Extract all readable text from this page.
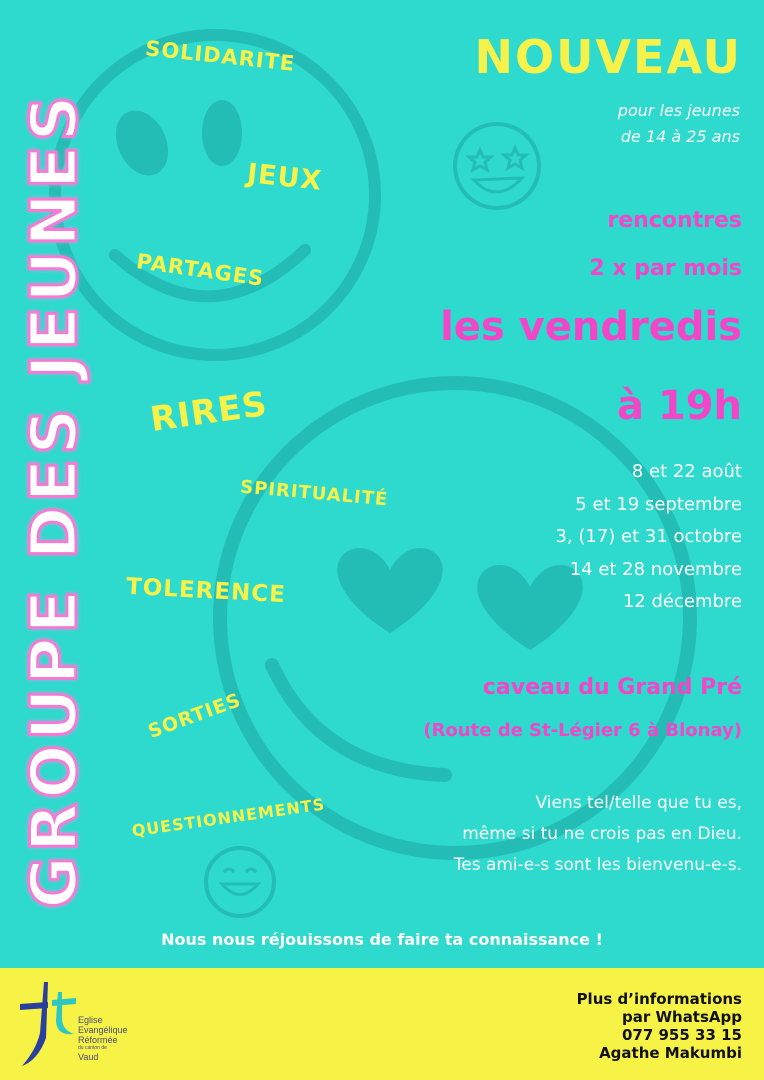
GROUPE DES JEUNES
SOLIDARITE
JEUX
PARTAGES
RIRES
SPIRITUALITÉ
TOLERENCE
SORTIES
QUESTIONNEMENTS
NOUVEAU
pour les jeunes
de 14 à 25 ans
rencontres
2 x par mois
les vendredis
à 19h
8 et 22 août
5 et 19 septembre
3, (17) et 31 octobre
14 et 28 novembre
12 décembre
caveau du Grand Pré
(Route de St-Légier 6 à Blonay)
Viens tel/telle que tu es,
même si tu ne crois pas en Dieu.
Tes ami-e-s sont les bienvenu-e-s.
Nous nous réjouissons de faire ta connaissance !
Eglise
Evangélique
Réformée
du canton de
Vaud
Plus d’informations
par WhatsApp
077 955 33 15
Agathe Makumbi
